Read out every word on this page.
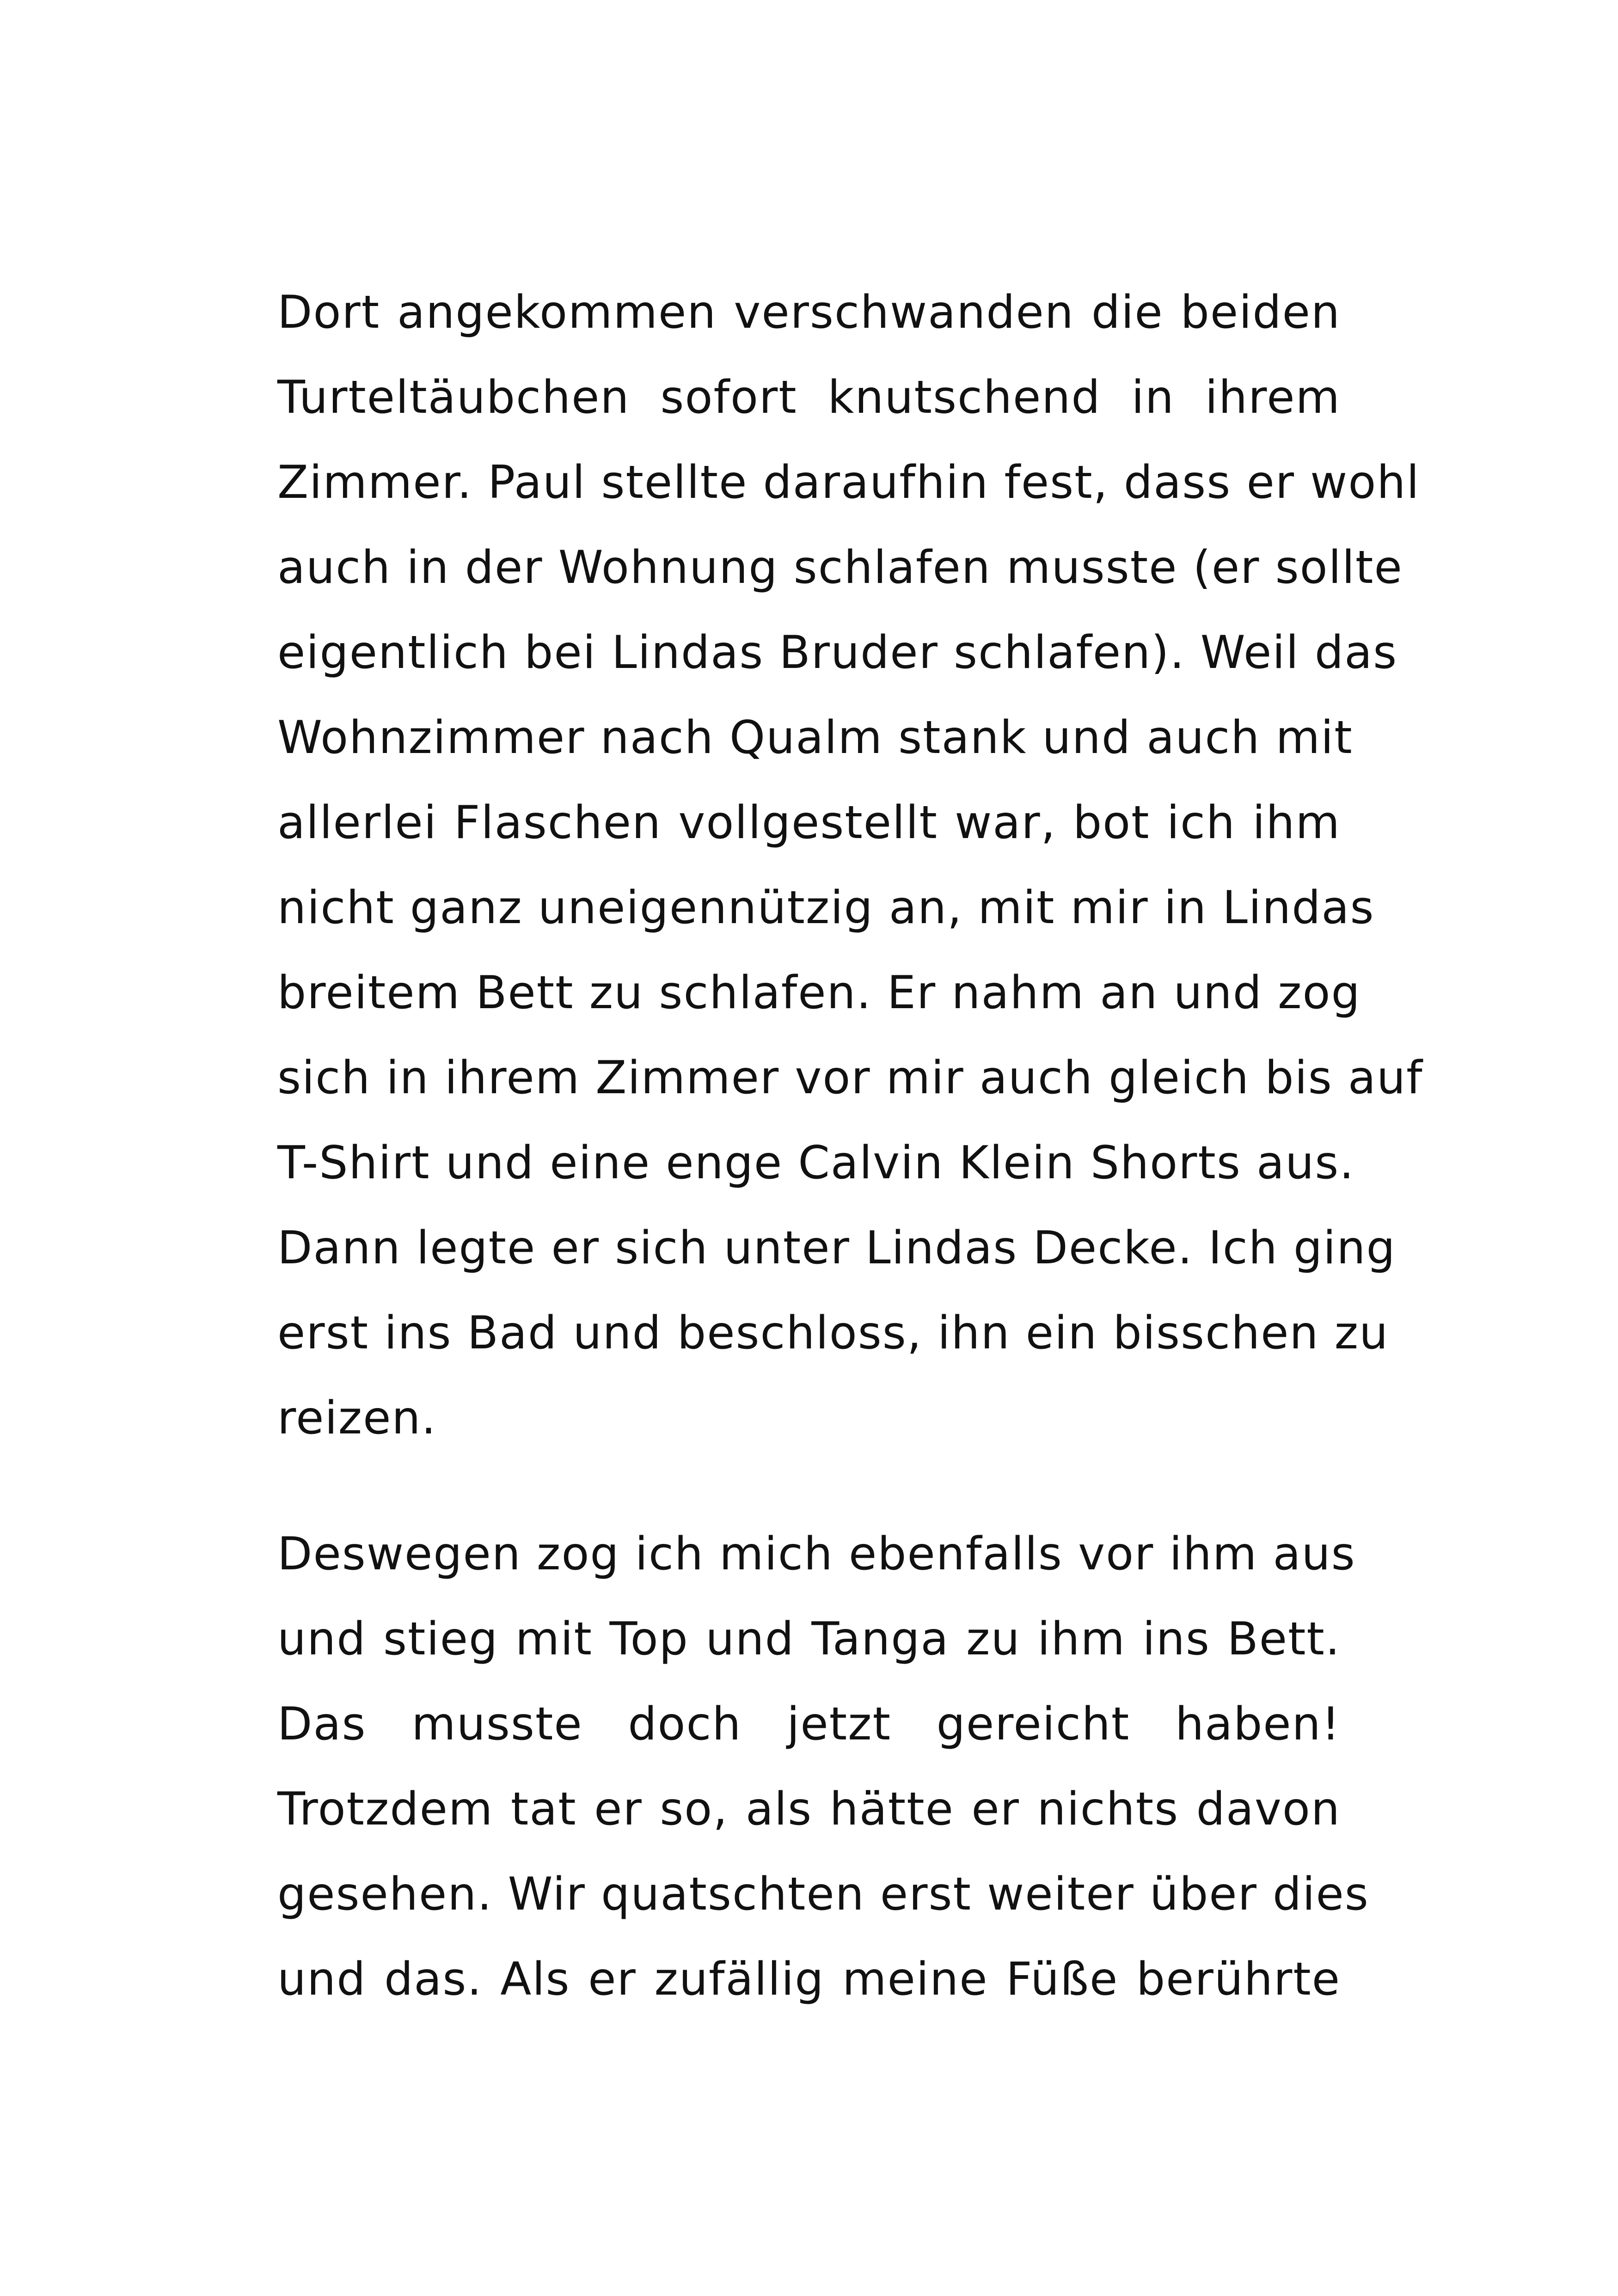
Dort angekommen verschwanden die beiden
Turteltäubchen sofort knutschend in ihrem
Zimmer. Paul stellte daraufhin fest, dass er wohl
auch in der Wohnung schlafen musste (er sollte
eigentlich bei Lindas Bruder schlafen). Weil das
Wohnzimmer nach Qualm stank und auch mit
allerlei Flaschen vollgestellt war, bot ich ihm
nicht ganz uneigennützig an, mit mir in Lindas
breitem Bett zu schlafen. Er nahm an und zog
sich in ihrem Zimmer vor mir auch gleich bis auf
T-Shirt und eine enge Calvin Klein Shorts aus.
Dann legte er sich unter Lindas Decke. Ich ging
erst ins Bad und beschloss, ihn ein bisschen zu
reizen.
Deswegen zog ich mich ebenfalls vor ihm aus
und stieg mit Top und Tanga zu ihm ins Bett.
Das musste doch jetzt gereicht haben!
Trotzdem tat er so, als hätte er nichts davon
gesehen. Wir quatschten erst weiter über dies
und das. Als er zufällig meine Füße berührte
